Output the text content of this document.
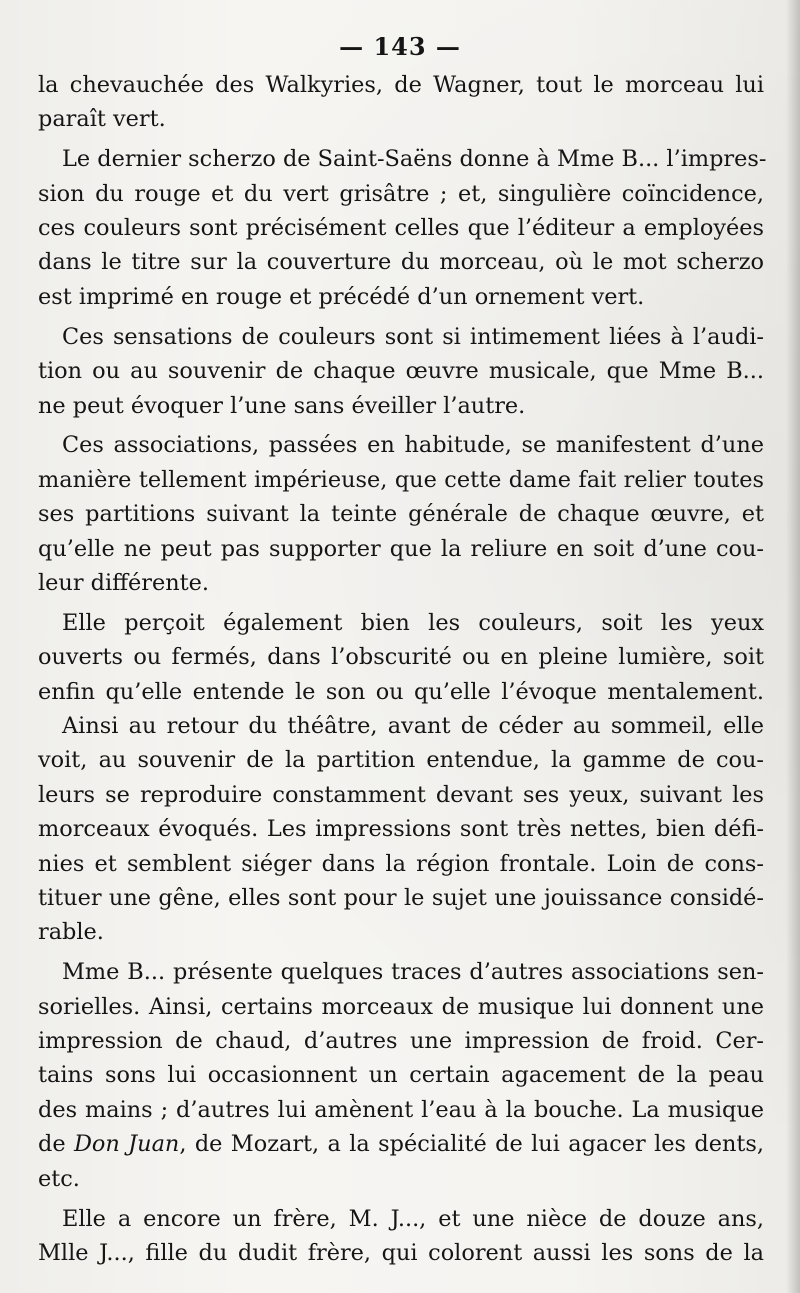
— 143 —
la chevauchée des Walkyries, de Wagner, tout le morceau lui
paraît vert.
Le dernier scherzo de Saint-Saëns donne à Mme B... l’impres-
sion du rouge et du vert grisâtre ; et, singulière coïncidence,
ces couleurs sont précisément celles que l’éditeur a employées
dans le titre sur la couverture du morceau, où le mot scherzo
est imprimé en rouge et précédé d’un ornement vert.
Ces sensations de couleurs sont si intimement liées à l’audi-
tion ou au souvenir de chaque œuvre musicale, que Mme B...
ne peut évoquer l’une sans éveiller l’autre.
Ces associations, passées en habitude, se manifestent d’une
manière tellement impérieuse, que cette dame fait relier toutes
ses partitions suivant la teinte générale de chaque œuvre, et
qu’elle ne peut pas supporter que la reliure en soit d’une cou-
leur différente.
Elle perçoit également bien les couleurs, soit les yeux
ouverts ou fermés, dans l’obscurité ou en pleine lumière, soit
enfin qu’elle entende le son ou qu’elle l’évoque mentalement.
Ainsi au retour du théâtre, avant de céder au sommeil, elle
voit, au souvenir de la partition entendue, la gamme de cou-
leurs se reproduire constamment devant ses yeux, suivant les
morceaux évoqués. Les impressions sont très nettes, bien défi-
nies et semblent siéger dans la région frontale. Loin de cons-
tituer une gêne, elles sont pour le sujet une jouissance considé-
rable.
Mme B... présente quelques traces d’autres associations sen-
sorielles. Ainsi, certains morceaux de musique lui donnent une
impression de chaud, d’autres une impression de froid. Cer-
tains sons lui occasionnent un certain agacement de la peau
des mains ; d’autres lui amènent l’eau à la bouche. La musique
de Don Juan, de Mozart, a la spécialité de lui agacer les dents,
etc.
Elle a encore un frère, M. J..., et une nièce de douze ans,
Mlle J..., fille du dudit frère, qui colorent aussi les sons de la
